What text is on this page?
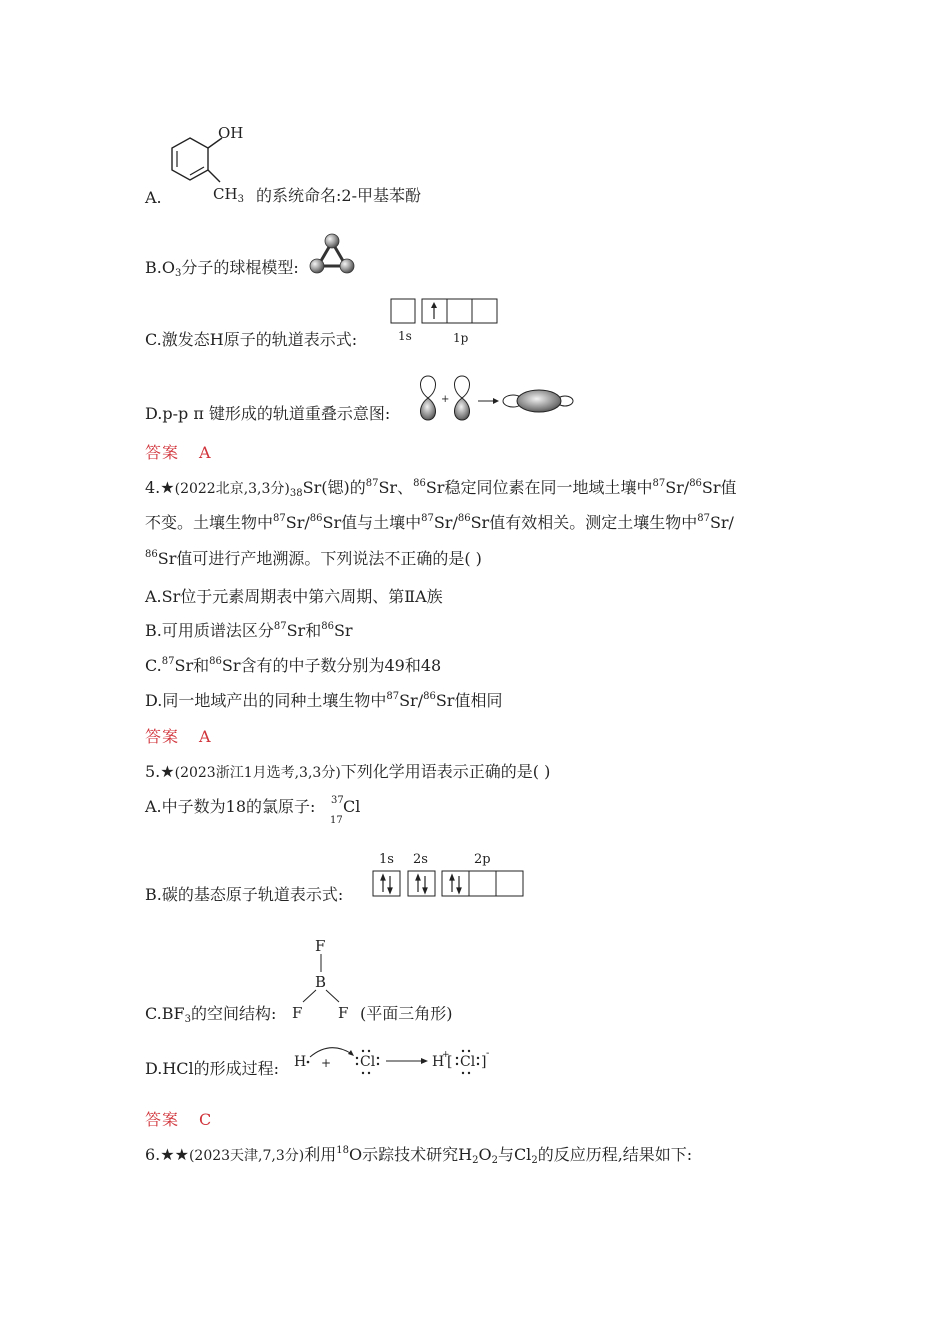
OH
$CH_3$
A.	的系统命名:2-甲基苯酚
$B.O_3$分子的球棍模型:
C.激发态H原子的轨道表示式:	1s	1p
D.p-p π 键形成的轨道重叠示意图:
+
答案 A
4.★(2022北京,3,3分)$_{38}Sr$(锶)的$^{87}$Sr、$^{86}$Sr稳定同位素在同一地域土壤中$^{87}$Sr/$^{86}$Sr值
不变。土壤生物中$^{87}$Sr/$^{86}$Sr值与土壤中$^{87}$Sr/$^{86}$Sr值有效相关。测定土壤生物中$^{87}$Sr/
$^{86}$Sr值可进行产地溯源。下列说法不正确的是( )
A.Sr位于元素周期表中第六周期、第ⅡA族
B.可用质谱法区分$^{87}$Sr和$^{86}$Sr
C.$^{87}$Sr和$^{86}$Sr含有的中子数分别为49和48
D.同一地域产出的同种土壤生物中$^{87}$Sr/$^{86}$Sr值相同
答案 A
5.★(2023浙江1月选考,3,3分)下列化学用语表示正确的是( )
A.中子数为18的氯原子: 37
17
Cl
B.碳的基态原子轨道表示式:
1s 2s	2p
F
B
F F
$C.BF_3$的空间结构:	(平面三角形)
D.HCl的形成过程: H + Cl	H
+
[ Cl ]
-
答案 C
6.★★(2023天津,7,3分)利用$^{18}$O示踪技术研究$H_2O_2$与$Cl_2$的反应历程,结果如下:
